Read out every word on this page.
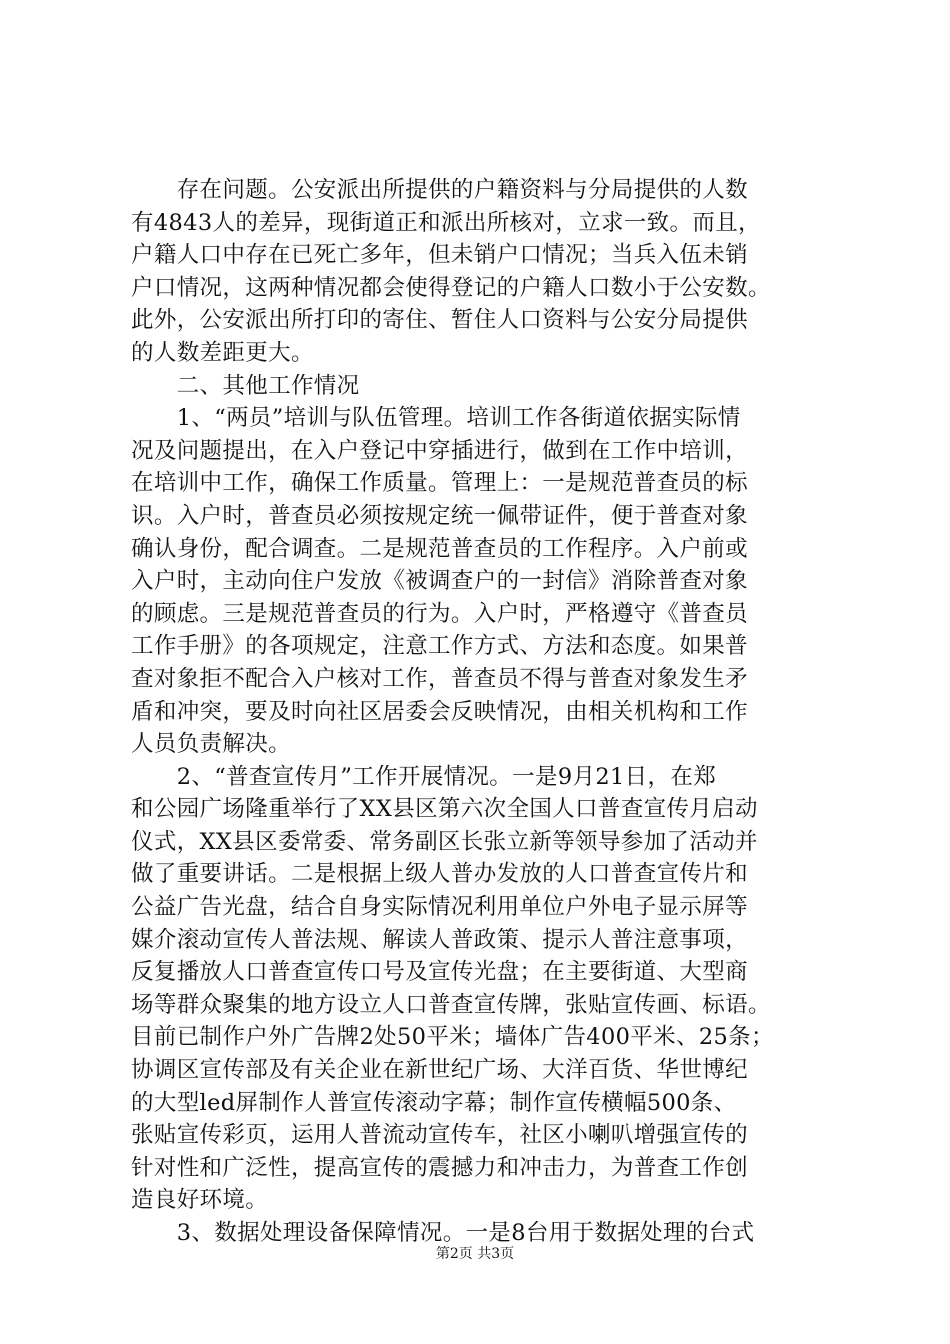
　　存在问题。公安派出所提供的户籍资料与分局提供的人数
有4843人的差异，现街道正和派出所核对，立求一致。而且，
户籍人口中存在已死亡多年，但未销户口情况；当兵入伍未销
户口情况，这两种情况都会使得登记的户籍人口数小于公安数。
此外，公安派出所打印的寄住、暂住人口资料与公安分局提供
的人数差距更大。
　　二、其他工作情况
　　1、“两员”培训与队伍管理。培训工作各街道依据实际情
况及问题提出，在入户登记中穿插进行，做到在工作中培训，
在培训中工作，确保工作质量。管理上：一是规范普查员的标
识。入户时，普查员必须按规定统一佩带证件，便于普查对象
确认身份，配合调查。二是规范普查员的工作程序。入户前或
入户时，主动向住户发放《被调查户的一封信》消除普查对象
的顾虑。三是规范普查员的行为。入户时，严格遵守《普查员
工作手册》的各项规定，注意工作方式、方法和态度。如果普
查对象拒不配合入户核对工作，普查员不得与普查对象发生矛
盾和冲突，要及时向社区居委会反映情况，由相关机构和工作
人员负责解决。
　　2、“普查宣传月”工作开展情况。一是9月21日，在郑
和公园广场隆重举行了XX县区第六次全国人口普查宣传月启动
仪式，XX县区委常委、常务副区长张立新等领导参加了活动并
做了重要讲话。二是根据上级人普办发放的人口普查宣传片和
公益广告光盘，结合自身实际情况利用单位户外电子显示屏等
媒介滚动宣传人普法规、解读人普政策、提示人普注意事项，
反复播放人口普查宣传口号及宣传光盘；在主要街道、大型商
场等群众聚集的地方设立人口普查宣传牌，张贴宣传画、标语。
目前已制作户外广告牌2处50平米；墙体广告400平米、25条；
协调区宣传部及有关企业在新世纪广场、大洋百货、华世博纪
的大型led屏制作人普宣传滚动字幕；制作宣传横幅500条、
张贴宣传彩页，运用人普流动宣传车，社区小喇叭增强宣传的
针对性和广泛性，提高宣传的震撼力和冲击力，为普查工作创
造良好环境。
　　3、数据处理设备保障情况。一是8台用于数据处理的台式
第2页 共3页
